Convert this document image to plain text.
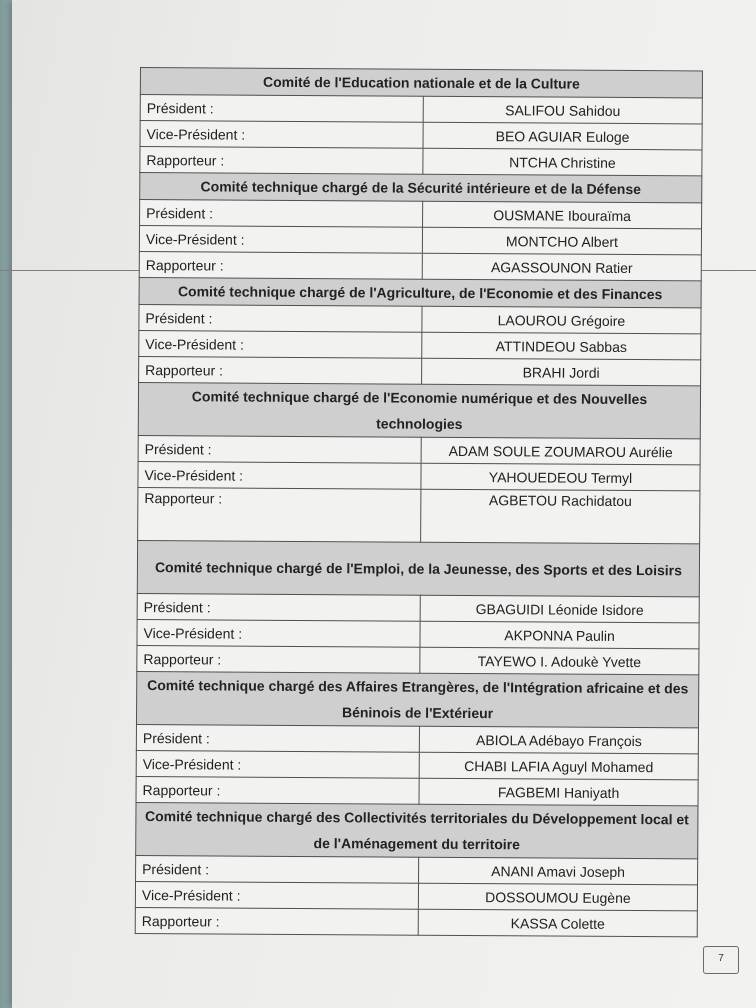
Comité de l'Education nationale et de la Culture	
Président :	SALIFOU Sahidou
Vice-Président :	BEO AGUIAR Euloge
Rapporteur :	NTCHA Christine
Comité technique chargé de la Sécurité intérieure et de la Défense	
Président :	OUSMANE Ibouraïma
Vice-Président :	MONTCHO Albert
Rapporteur :	AGASSOUNON Ratier
Comité technique chargé de l'Agriculture, de l'Economie et des Finances	
Président :	LAOUROU Grégoire
Vice-Président :	ATTINDEOU Sabbas
Rapporteur :	BRAHI Jordi
Comité technique chargé de l'Economie numérique et des Nouvelles technologies	
Président :	ADAM SOULE ZOUMAROU Aurélie
Vice-Président :	YAHOUEDEOU Termyl
Rapporteur :	AGBETOU Rachidatou
Comité technique chargé de l'Emploi, de la Jeunesse, des Sports et des Loisirs	
Président :	GBAGUIDI Léonide Isidore
Vice-Président :	AKPONNA Paulin
Rapporteur :	TAYEWO I. Adoukè Yvette
Comité technique chargé des Affaires Etrangères, de l'Intégration africaine et des Béninois de l'Extérieur	
Président :	ABIOLA Adébayo François
Vice-Président :	CHABI LAFIA Aguyl Mohamed
Rapporteur :	FAGBEMI Haniyath
Comité technique chargé des Collectivités territoriales du Développement local et de l'Aménagement du territoire	
Président :	ANANI Amavi Joseph
Vice-Président :	DOSSOUMOU Eugène
Rapporteur :	KASSA Colette
7
